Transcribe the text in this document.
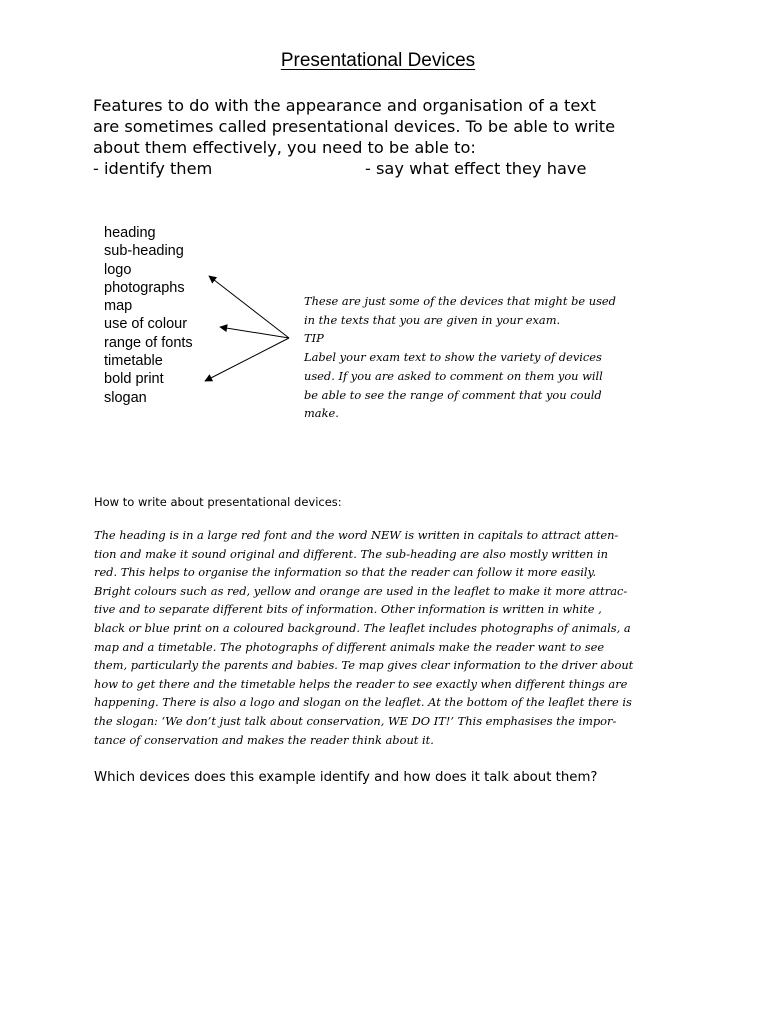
Presentational Devices
Features to do with the appearance and organisation of a text
are sometimes called presentational devices. To be able to write
about them effectively, you need to be able to:
- identify them	- say what effect they have
heading
sub-heading
logo
photographs
map
use of colour
range of fonts
timetable
bold print
slogan
These are just some of the devices that might be used
in the texts that you are given in your exam.
TIP
Label your exam text to show the variety of devices
used. If you are asked to comment on them you will
be able to see the range of comment that you could
make.
How to write about presentational devices:
The heading is in a large red font and the word NEW is written in capitals to attract atten-
tion and make it sound original and different. The sub-heading are also mostly written in
red. This helps to organise the information so that the reader can follow it more easily.
Bright colours such as red, yellow and orange are used in the leaflet to make it more attrac-
tive and to separate different bits of information. Other information is written in white ,
black or blue print on a coloured background. The leaflet includes photographs of animals, a
map and a timetable. The photographs of different animals make the reader want to see
them, particularly the parents and babies. Te map gives clear information to the driver about
how to get there and the timetable helps the reader to see exactly when different things are
happening. There is also a logo and slogan on the leaflet. At the bottom of the leaflet there is
the slogan: ‘We don’t just talk about conservation, WE DO IT!’ This emphasises the impor-
tance of conservation and makes the reader think about it.
Which devices does this example identify and how does it talk about them?
